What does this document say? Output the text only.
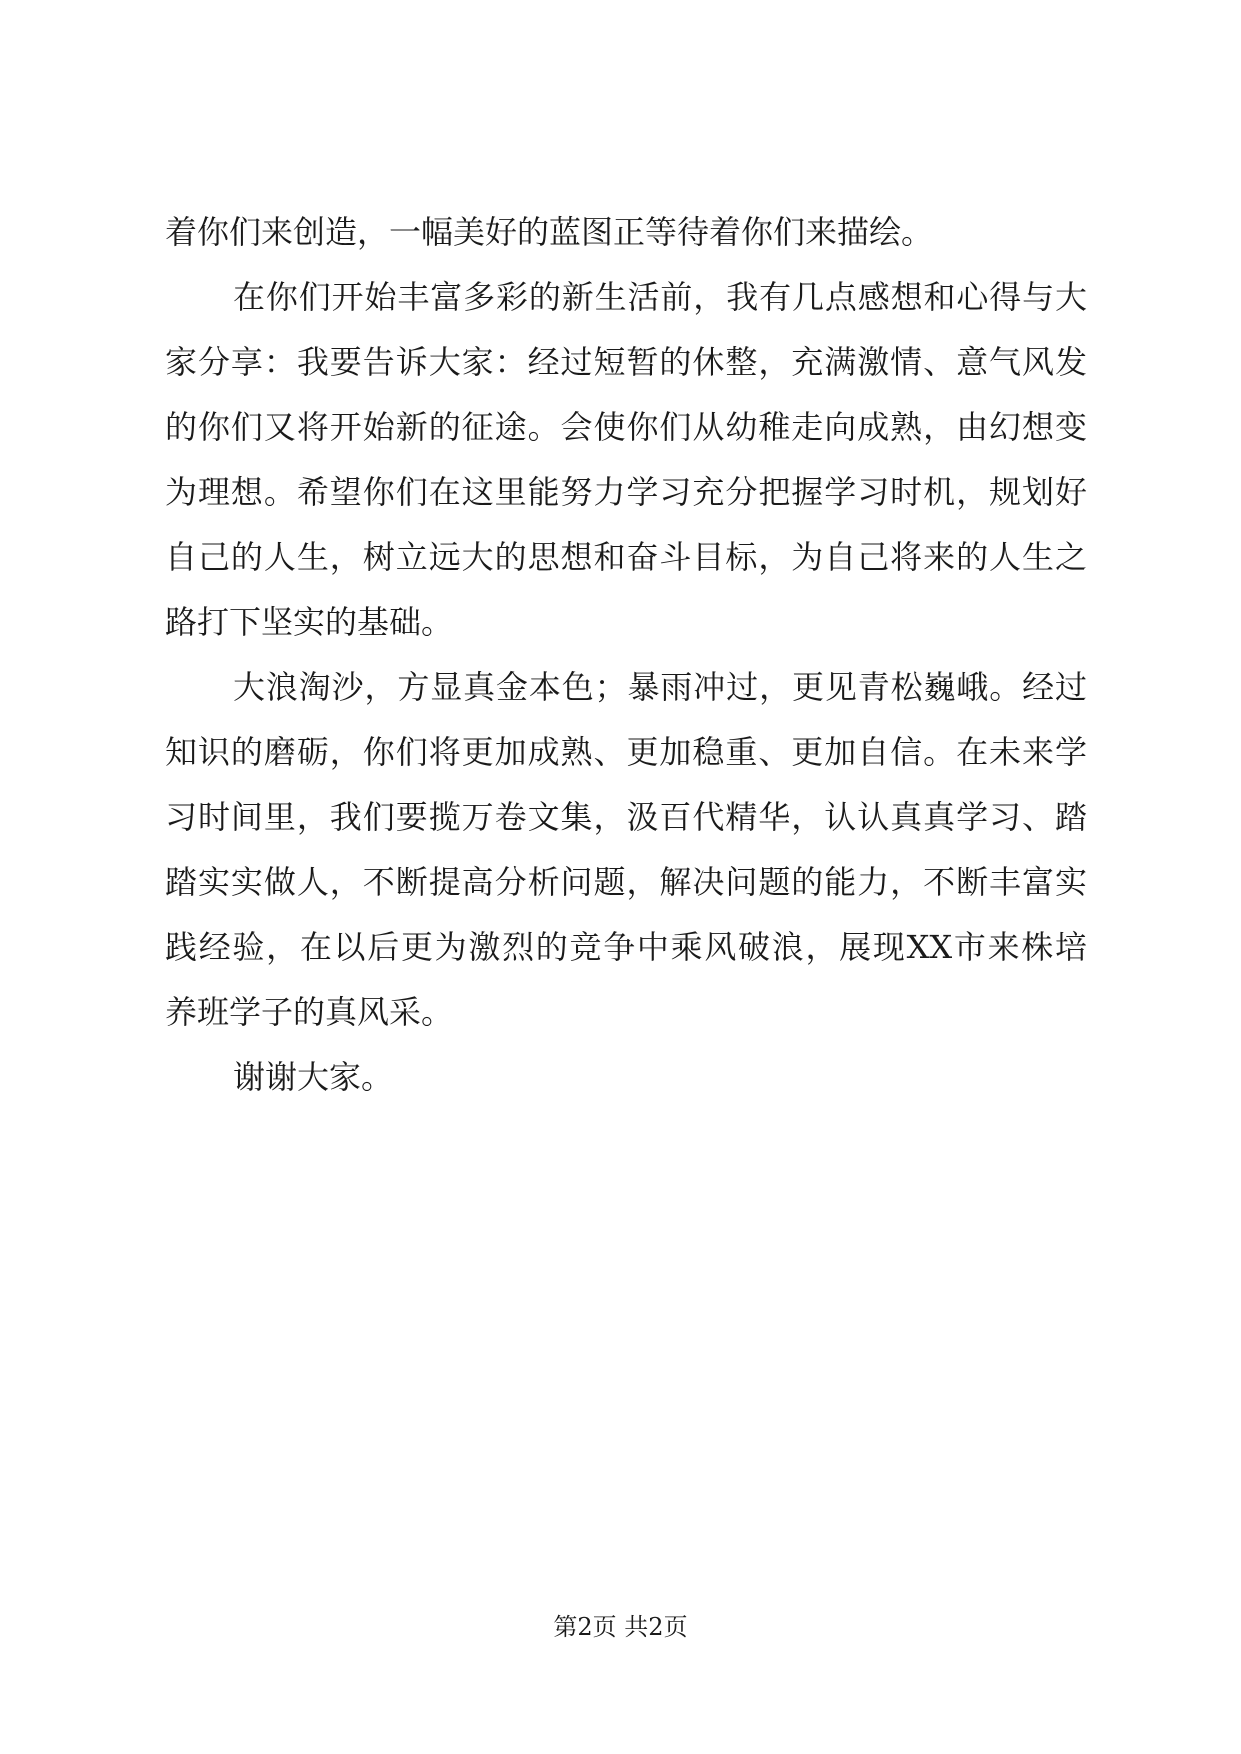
着你们来创造，一幅美好的蓝图正等待着你们来描绘。
在你们开始丰富多彩的新生活前，我有几点感想和心得与大
家分享：我要告诉大家：经过短暂的休整，充满激情、意气风发
的你们又将开始新的征途。会使你们从幼稚走向成熟，由幻想变
为理想。希望你们在这里能努力学习充分把握学习时机，规划好
自己的人生，树立远大的思想和奋斗目标，为自己将来的人生之
路打下坚实的基础。
大浪淘沙，方显真金本色；暴雨冲过，更见青松巍峨。经过
知识的磨砺，你们将更加成熟、更加稳重、更加自信。在未来学
习时间里，我们要揽万卷文集，汲百代精华，认认真真学习、踏
踏实实做人，不断提高分析问题，解决问题的能力，不断丰富实
践经验，在以后更为激烈的竞争中乘风破浪，展现XX市来株培
养班学子的真风采。
谢谢大家。
第2页 共2页
